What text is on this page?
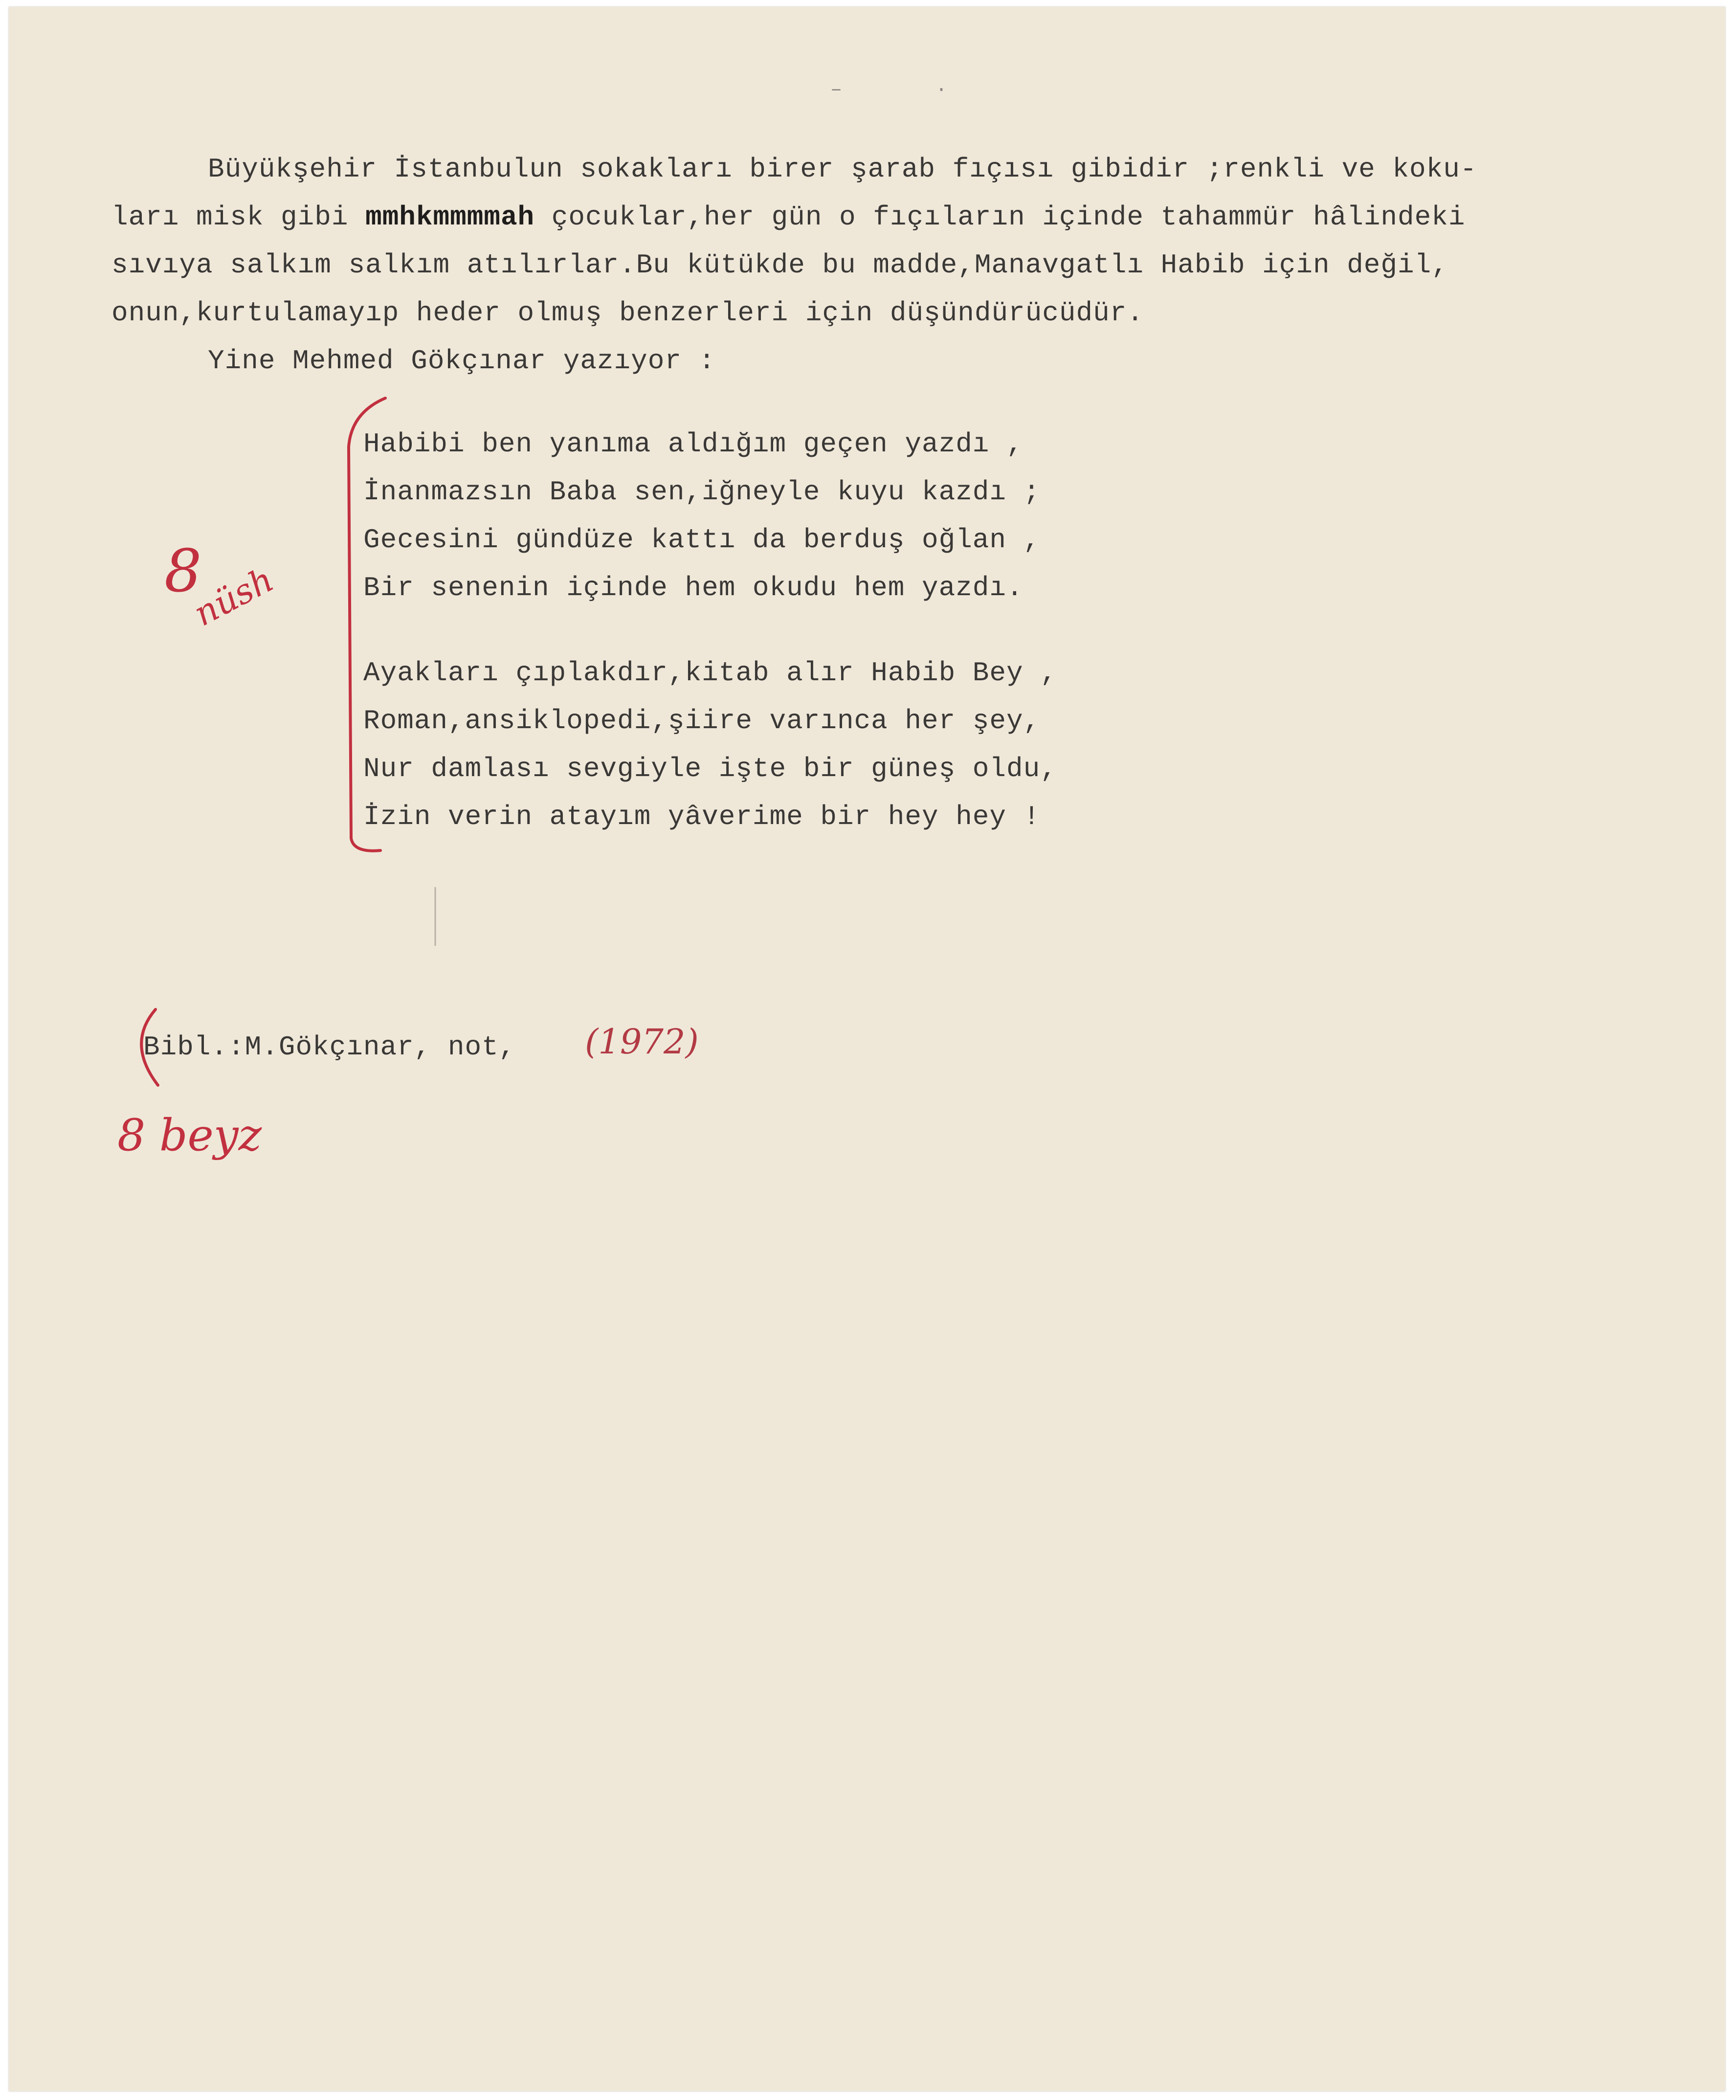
Büyükşehir İstanbulun sokakları birer şarab fıçısı gibidir ;renkli ve koku-
ları misk gibi mmhkmmmmah çocuklar,her gün o fıçıların içinde tahammür hâlindeki
sıvıya salkım salkım atılırlar.Bu kütükde bu madde,Manavgatlı Habib için değil,
onun,kurtulamayıp heder olmuş benzerleri için düşündürücüdür.
Yine Mehmed Gökçınar yazıyor :
Habibi ben yanıma aldığım geçen yazdı ,
İnanmazsın Baba sen,iğneyle kuyu kazdı ;
Gecesini gündüze kattı da berduş oğlan ,
Bir senenin içinde hem okudu hem yazdı.
Ayakları çıplakdır,kitab alır Habib Bey ,
Roman,ansiklopedi,şiire varınca her şey,
Nur damlası sevgiyle işte bir güneş oldu,
İzin verin atayım yâverime bir hey hey !
Bibl.:M.Gökçınar, not, (1972)
8
nüsh
8 beyz
–	·
